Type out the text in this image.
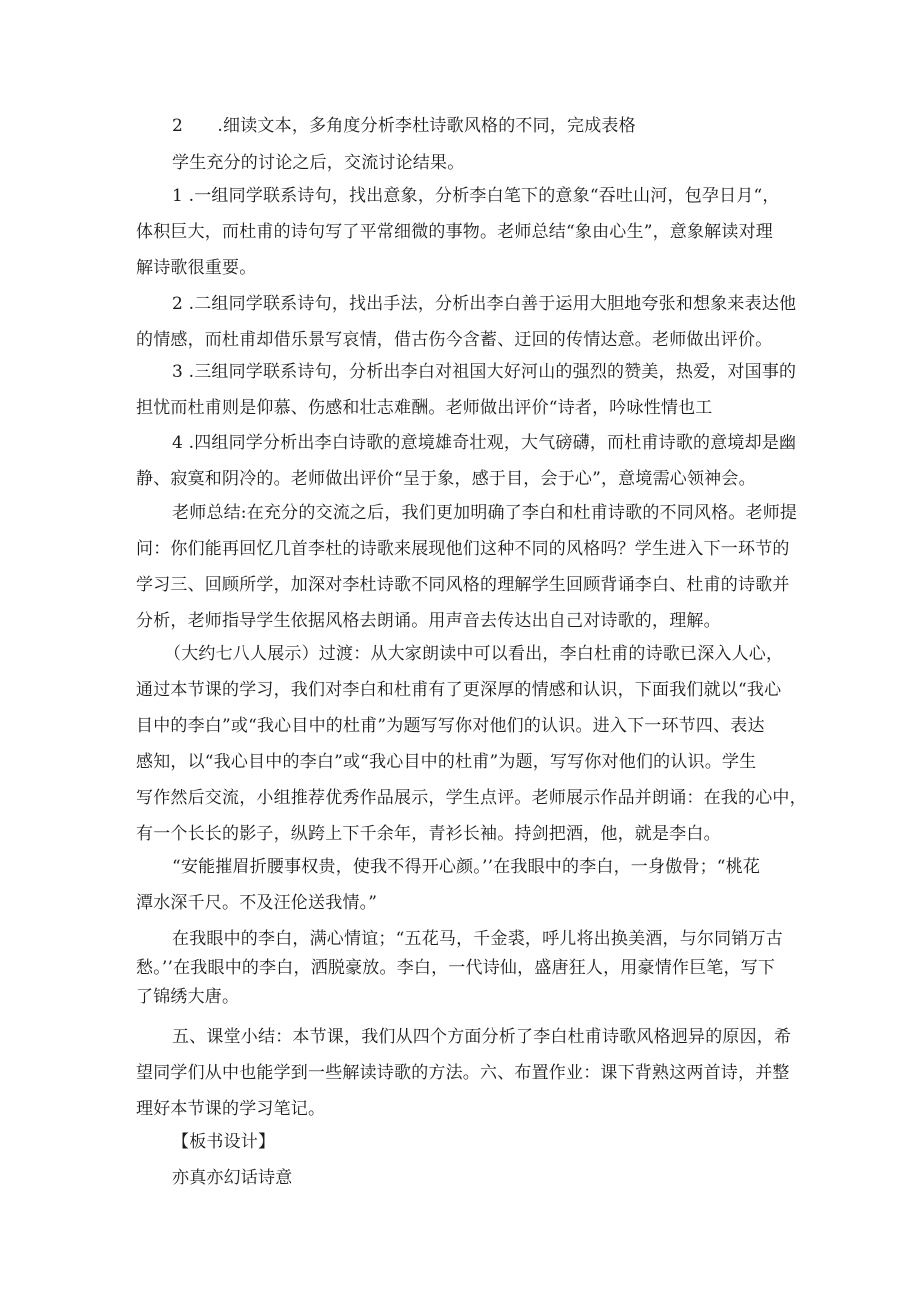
2　　.细读文本，多角度分析李杜诗歌风格的不同，完成表格

学生充分的讨论之后，交流讨论结果。

1 .一组同学联系诗句，找出意象，分析李白笔下的意象“吞吐山河，包孕日月“，
体积巨大，而杜甫的诗句写了平常细微的事物。老师总结“象由心生”，意象解读对理
解诗歌很重要。

2 .二组同学联系诗句，找出手法，分析出李白善于运用大胆地夸张和想象来表达他
的情感，而杜甫却借乐景写哀情，借古伤今含蓄、迂回的传情达意。老师做出评价。

3 .三组同学联系诗句，分析出李白对祖国大好河山的强烈的赞美，热爱，对国事的
担忧而杜甫则是仰慕、伤感和壮志难酬。老师做出评价“诗者，吟咏性情也工

4 .四组同学分析出李白诗歌的意境雄奇壮观，大气磅礴，而杜甫诗歌的意境却是幽
静、寂寞和阴冷的。老师做出评价“呈于象，感于目，会于心”，意境需心领神会。

老师总结:在充分的交流之后，我们更加明确了李白和杜甫诗歌的不同风格。老师提
问：你们能再回忆几首李杜的诗歌来展现他们这种不同的风格吗？学生进入下一环节的
学习三、回顾所学，加深对李杜诗歌不同风格的理解学生回顾背诵李白、杜甫的诗歌并
分析，老师指导学生依据风格去朗诵。用声音去传达出自己对诗歌的，理解。

（大约七八人展示）过渡：从大家朗读中可以看出，李白杜甫的诗歌已深入人心，
通过本节课的学习，我们对李白和杜甫有了更深厚的情感和认识，下面我们就以“我心
目中的李白”或“我心目中的杜甫”为题写写你对他们的认识。进入下一环节四、表达
感知，以“我心目中的李白”或“我心目中的杜甫”为题，写写你对他们的认识。学生
写作然后交流，小组推荐优秀作品展示，学生点评。老师展示作品并朗诵：在我的心中，
有一个长长的影子，纵跨上下千余年，青衫长袖。持剑把酒，他，就是李白。

“安能摧眉折腰事权贵，使我不得开心颜。’’在我眼中的李白，一身傲骨；“桃花
潭水深千尺。不及汪伦送我情。”

在我眼中的李白，满心情谊；“五花马，千金裘，呼儿将出换美酒，与尔同销万古
愁。’’在我眼中的李白，洒脱豪放。李白，一代诗仙，盛唐狂人，用豪情作巨笔，写下
了锦绣大唐。

五、课堂小结：本节课，我们从四个方面分析了李白杜甫诗歌风格迥异的原因，希
望同学们从中也能学到一些解读诗歌的方法。六、布置作业：课下背熟这两首诗，并整
理好本节课的学习笔记。

【板书设计】

亦真亦幻话诗意
